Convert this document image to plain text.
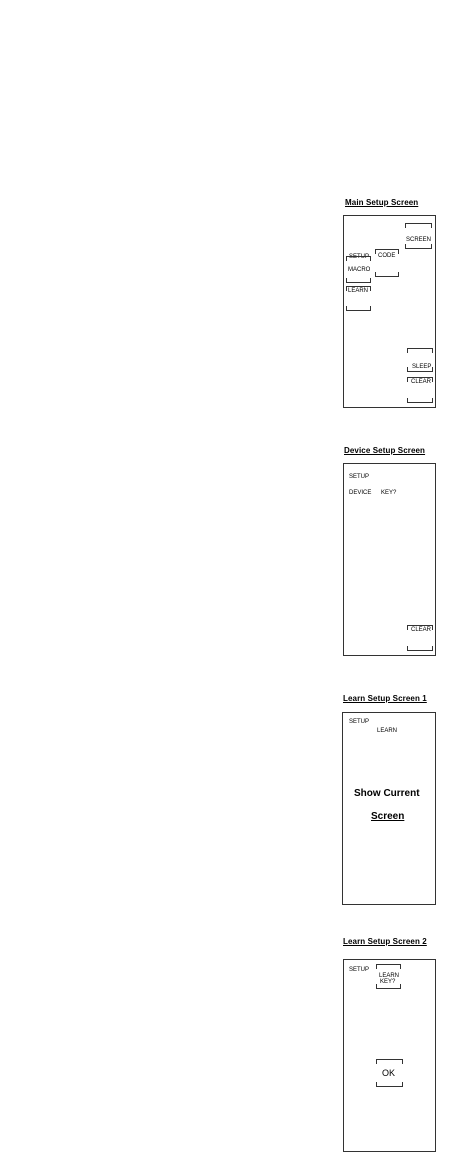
Main Setup Screen
SETUP CODE
SCREEN
MACRO
LEARN
SLEEP
CLEAR
Device Setup Screen
SETUP
DEVICE KEY?
CLEAR
Learn Setup Screen 1
SETUP
LEARN
Show Current
Screen
Learn Setup Screen 2
SETUP
LEARN
KEY?
OK
